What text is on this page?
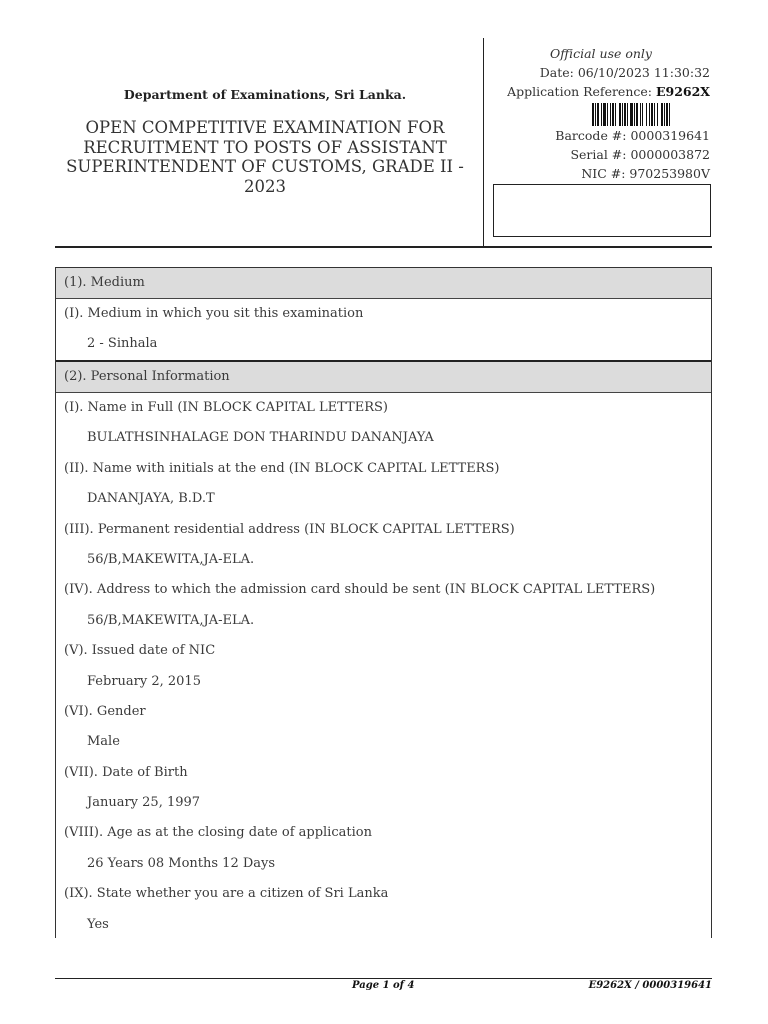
Department of Examinations, Sri Lanka.
OPEN COMPETITIVE EXAMINATION FOR RECRUITMENT TO POSTS OF ASSISTANT SUPERINTENDENT OF CUSTOMS, GRADE II - 2023
Official use only
Date: 06/10/2023 11:30:32
Application Reference: E9262X
Barcode #: 0000319641
Serial #: 0000003872
NIC #: 970253980V
(1). Medium
(I). Medium in which you sit this examination
2 - Sinhala
(2). Personal Information
(I). Name in Full (IN BLOCK CAPITAL LETTERS)
BULATHSINHALAGE DON THARINDU DANANJAYA
(II). Name with initials at the end (IN BLOCK CAPITAL LETTERS)
DANANJAYA, B.D.T
(III). Permanent residential address (IN BLOCK CAPITAL LETTERS)
56/B,MAKEWITA,JA-ELA.
(IV). Address to which the admission card should be sent (IN BLOCK CAPITAL LETTERS)
56/B,MAKEWITA,JA-ELA.
(V). Issued date of NIC
February 2, 2015
(VI). Gender
Male
(VII). Date of Birth
January 25, 1997
(VIII). Age as at the closing date of application
26 Years 08 Months 12 Days
(IX). State whether you are a citizen of Sri Lanka
Yes
Page 1 of 4	E9262X / 0000319641
